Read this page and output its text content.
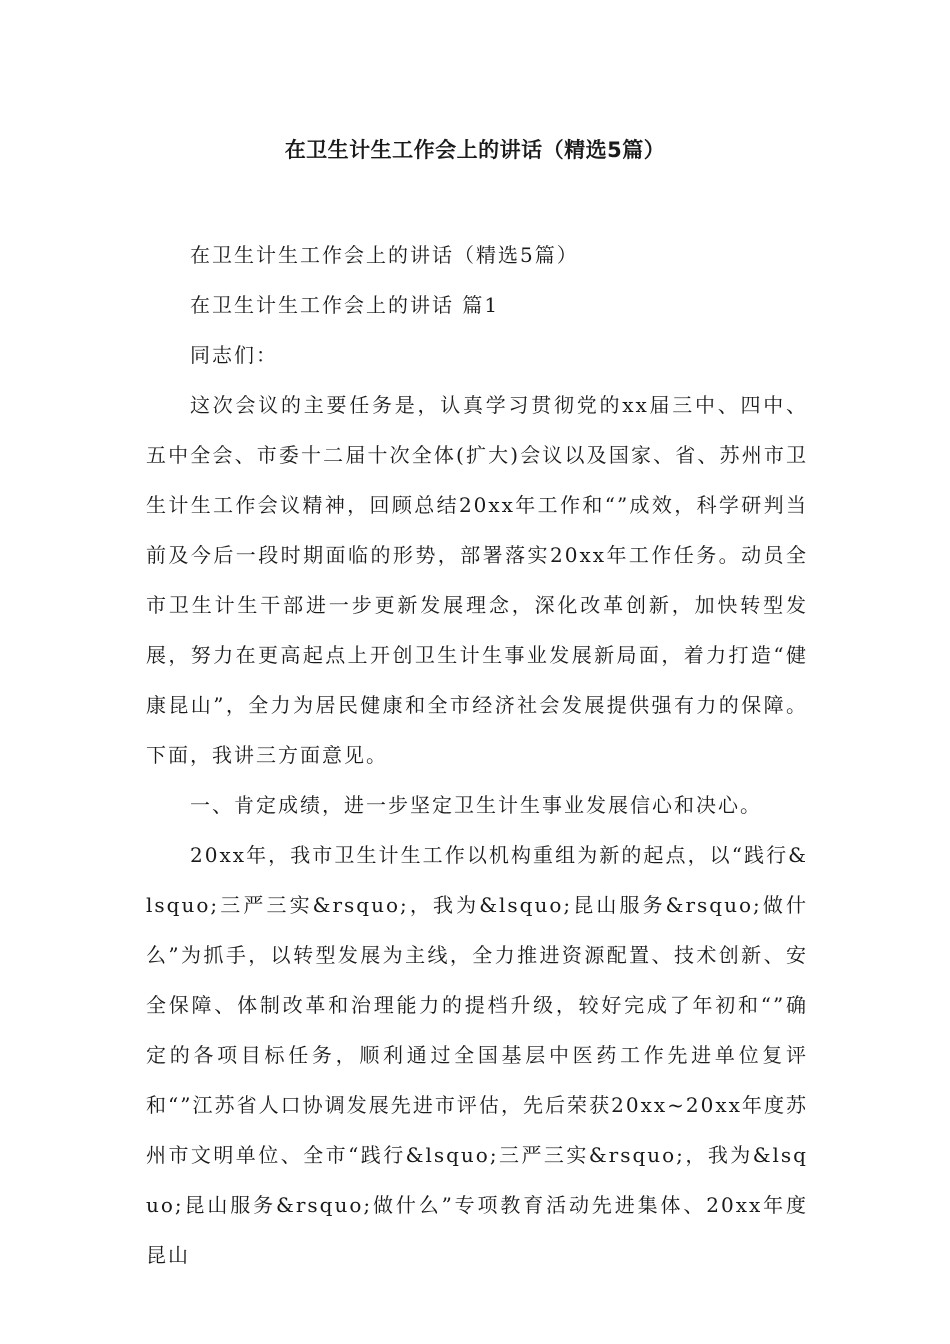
在卫生计生工作会上的讲话（精选5篇）

在卫生计生工作会上的讲话（精选5篇）

在卫生计生工作会上的讲话 篇1

同志们：

这次会议的主要任务是，认真学习贯彻党的xx届三中、四中、五中全会、市委十二届十次全体(扩大)会议以及国家、省、苏州市卫生计生工作会议精神，回顾总结20xx年工作和“”成效，科学研判当前及今后一段时期面临的形势，部署落实20xx年工作任务。动员全市卫生计生干部进一步更新发展理念，深化改革创新，加快转型发展，努力在更高起点上开创卫生计生事业发展新局面，着力打造“健康昆山”，全力为居民健康和全市经济社会发展提供强有力的保障。下面，我讲三方面意见。

一、肯定成绩，进一步坚定卫生计生事业发展信心和决心。

20xx年，我市卫生计生工作以机构重组为新的起点，以“践行&lsquo;三严三实&rsquo;，我为&lsquo;昆山服务&rsquo;做什么”为抓手，以转型发展为主线，全力推进资源配置、技术创新、安全保障、体制改革和治理能力的提档升级，较好完成了年初和“”确定的各项目标任务，顺利通过全国基层中医药工作先进单位复评和“”江苏省人口协调发展先进市评估，先后荣获20xx~20xx年度苏州市文明单位、全市“践行&lsquo;三严三实&rsquo;，我为&lsquo;昆山服务&rsquo;做什么”专项教育活动先进集体、20xx年度昆山
